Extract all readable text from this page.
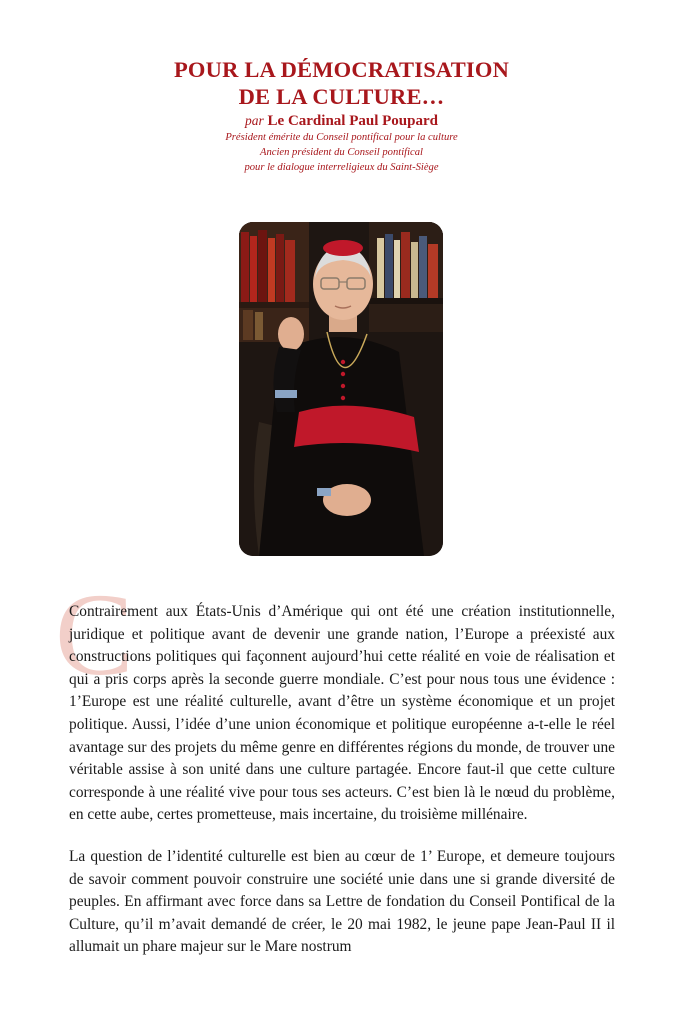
POUR LA DÉMOCRATISATION
DE LA CULTURE…
par Le Cardinal Paul Poupard
Président émérite du Conseil pontifical pour la culture
Ancien président du Conseil pontifical
pour le dialogue interreligieux du Saint-Siège
C

Contrairement aux États-Unis d’Amérique qui ont été une création institutionnelle, juridique et politique avant de devenir une grande nation, l’Europe a préexisté aux constructions politiques qui façonnent aujourd’hui cette réalité en voie de réalisation et qui a pris corps après la seconde guerre mondiale. C’est pour nous tous une évidence : 1’Europe est une réalité culturelle, avant d’être un système économique et un projet politique. Aussi, l’idée d’une union économique et politique européenne a-t-elle le réel avantage sur des projets du même genre en différentes régions du monde, de trouver une véritable assise à son unité dans une culture partagée. Encore faut-il que cette culture corresponde à une réalité vive pour tous ses acteurs. C’est bien là le nœud du problème, en cette aube, certes prometteuse, mais incertaine, du troisième millénaire.

La question de l’identité culturelle est bien au cœur de 1’ Europe, et demeure toujours de savoir comment pouvoir construire une société unie dans une si grande diversité de peuples. En affirmant avec force dans sa Lettre de fondation du Conseil Pontifical de la Culture, qu’il m’avait demandé de créer, le 20 mai 1982, le jeune pape Jean-Paul II il allumait un phare majeur sur le Mare nostrum
